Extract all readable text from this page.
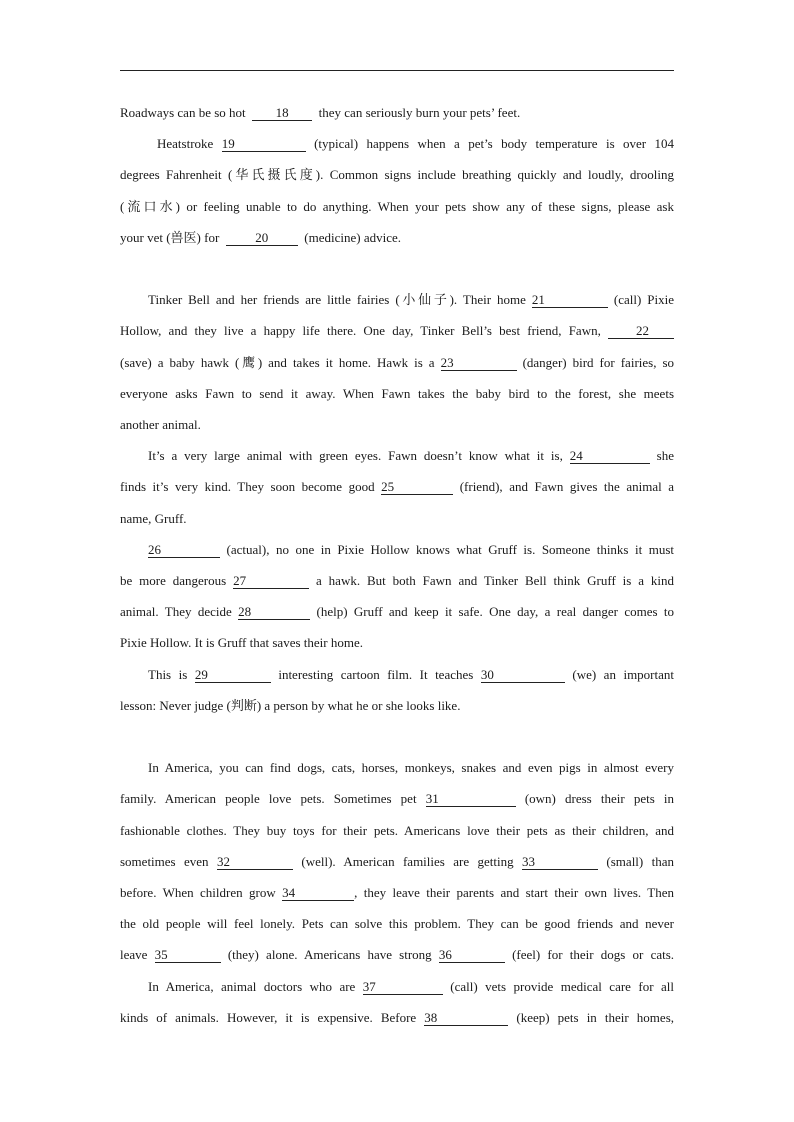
Roadways can be so hot 18 they can seriously burn your pets’ feet.

Heatstroke 19	(typical) happens when a pet’s body temperature is over 104

degrees Fahrenheit (华氏摄氏度). Common signs include breathing quickly and loudly, drooling

(流口水) or feeling unable to do anything. When your pets show any of these signs, please ask

your vet (兽医) for	20	(medicine) advice.

Tinker Bell and her friends are little fairies (小仙子). Their home 21	(call) Pixie

Hollow, and they live a happy life there. One day, Tinker Bell’s best friend, Fawn,	22

(save) a baby hawk (鹰) and takes it home. Hawk is a 23	(danger) bird for fairies, so

everyone asks Fawn to send it away. When Fawn takes the baby bird to the forest, she meets

another animal.

It’s a very large animal with green eyes. Fawn doesn’t know what it is, 24	she

finds it’s very kind. They soon become good 25	(friend), and Fawn gives the animal a

name, Gruff.

26	(actual), no one in Pixie Hollow knows what Gruff is. Someone thinks it must

be more dangerous 27	a hawk. But both Fawn and Tinker Bell think Gruff is a kind

animal. They decide 28	(help) Gruff and keep it safe. One day, a real danger comes to

Pixie Hollow. It is Gruff that saves their home.

This is 29	interesting cartoon film. It teaches 30	(we) an important

lesson: Never judge (判断) a person by what he or she looks like.

In America, you can find dogs, cats, horses, monkeys, snakes and even pigs in almost every

family. American people love pets. Sometimes pet 31	(own) dress their pets in

fashionable clothes. They buy toys for their pets. Americans love their pets as their children, and

sometimes even 32	(well). American families are getting 33	(small) than

before. When children grow 34	, they leave their parents and start their own lives. Then

the old people will feel lonely. Pets can solve this problem. They can be good friends and never

leave 35	(they) alone. Americans have strong 36	(feel) for their dogs or cats.

In America, animal doctors who are 37	(call) vets provide medical care for all

kinds of animals. However, it is expensive. Before 38	(keep) pets in their homes,
